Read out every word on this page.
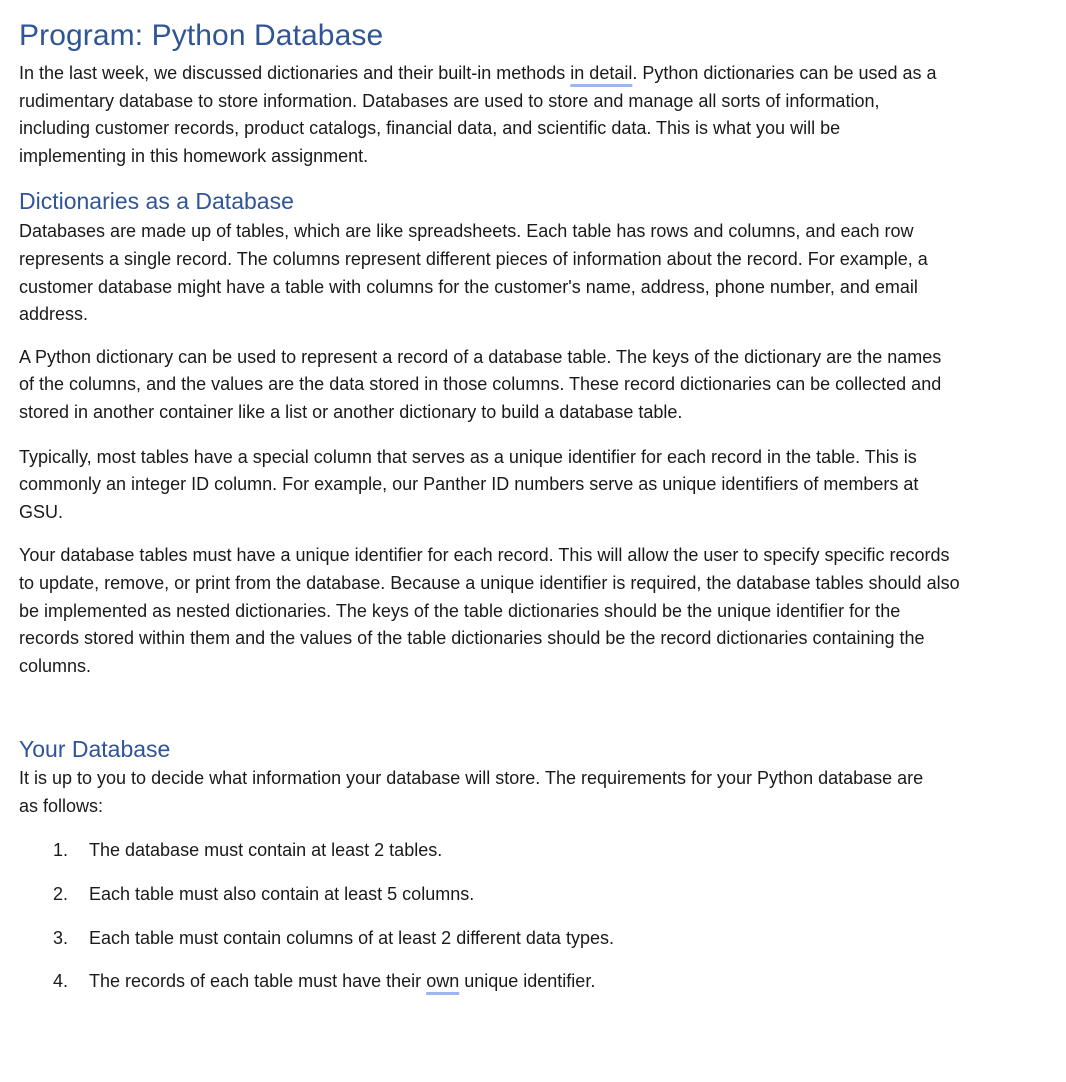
Program: Python Database

In the last week, we discussed dictionaries and their built-in methods in detail. Python dictionaries can be used as a rudimentary database to store information. Databases are used to store and manage all sorts of information, including customer records, product catalogs, financial data, and scientific data. This is what you will be implementing in this homework assignment.

Dictionaries as a Database

Databases are made up of tables, which are like spreadsheets. Each table has rows and columns, and each row represents a single record. The columns represent different pieces of information about the record. For example, a customer database might have a table with columns for the customer's name, address, phone number, and email address.

A Python dictionary can be used to represent a record of a database table. The keys of the dictionary are the names of the columns, and the values are the data stored in those columns. These record dictionaries can be collected and stored in another container like a list or another dictionary to build a database table.

Typically, most tables have a special column that serves as a unique identifier for each record in the table. This is commonly an integer ID column. For example, our Panther ID numbers serve as unique identifiers of members at GSU.

Your database tables must have a unique identifier for each record. This will allow the user to specify specific records to update, remove, or print from the database. Because a unique identifier is required, the database tables should also be implemented as nested dictionaries. The keys of the table dictionaries should be the unique identifier for the records stored within them and the values of the table dictionaries should be the record dictionaries containing the columns.

Your Database

It is up to you to decide what information your database will store. The requirements for your Python database are as follows:

1.	The database must contain at least 2 tables.
2.	Each table must also contain at least 5 columns.
3.	Each table must contain columns of at least 2 different data types.
4.	The records of each table must have their own unique identifier.
